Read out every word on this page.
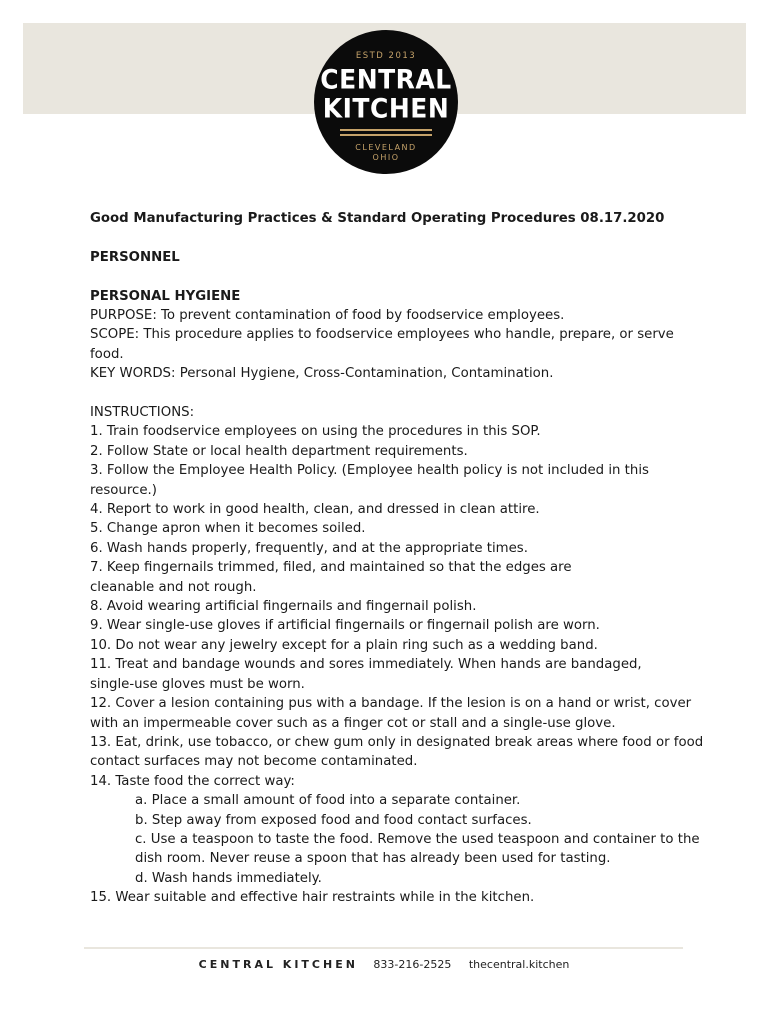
ESTD 2013
CENTRAL
KITCHEN
CLEVELAND
OHIO
Good Manufacturing Practices & Standard Operating Procedures 08.17.2020
PERSONNEL
PERSONAL HYGIENE
PURPOSE: To prevent contamination of food by foodservice employees.
SCOPE: This procedure applies to foodservice employees who handle, prepare, or serve
food.
KEY WORDS: Personal Hygiene, Cross-Contamination, Contamination.
INSTRUCTIONS:
1. Train foodservice employees on using the procedures in this SOP.
2. Follow State or local health department requirements.
3. Follow the Employee Health Policy. (Employee health policy is not included in this
resource.)
4. Report to work in good health, clean, and dressed in clean attire.
5. Change apron when it becomes soiled.
6. Wash hands properly, frequently, and at the appropriate times.
7. Keep fingernails trimmed, filed, and maintained so that the edges are
cleanable and not rough.
8. Avoid wearing artificial fingernails and fingernail polish.
9. Wear single-use gloves if artificial fingernails or fingernail polish are worn.
10. Do not wear any jewelry except for a plain ring such as a wedding band.
11. Treat and bandage wounds and sores immediately. When hands are bandaged,
single-use gloves must be worn.
12. Cover a lesion containing pus with a bandage. If the lesion is on a hand or wrist, cover
with an impermeable cover such as a finger cot or stall and a single-use glove.
13. Eat, drink, use tobacco, or chew gum only in designated break areas where food or food
contact surfaces may not become contaminated.
14. Taste food the correct way:
a. Place a small amount of food into a separate container.
b. Step away from exposed food and food contact surfaces.
c. Use a teaspoon to taste the food. Remove the used teaspoon and container to the
dish room. Never reuse a spoon that has already been used for tasting.
d. Wash hands immediately.
15. Wear suitable and effective hair restraints while in the kitchen.
CENTRAL KITCHEN 833-216-2525 thecentral.kitchen
